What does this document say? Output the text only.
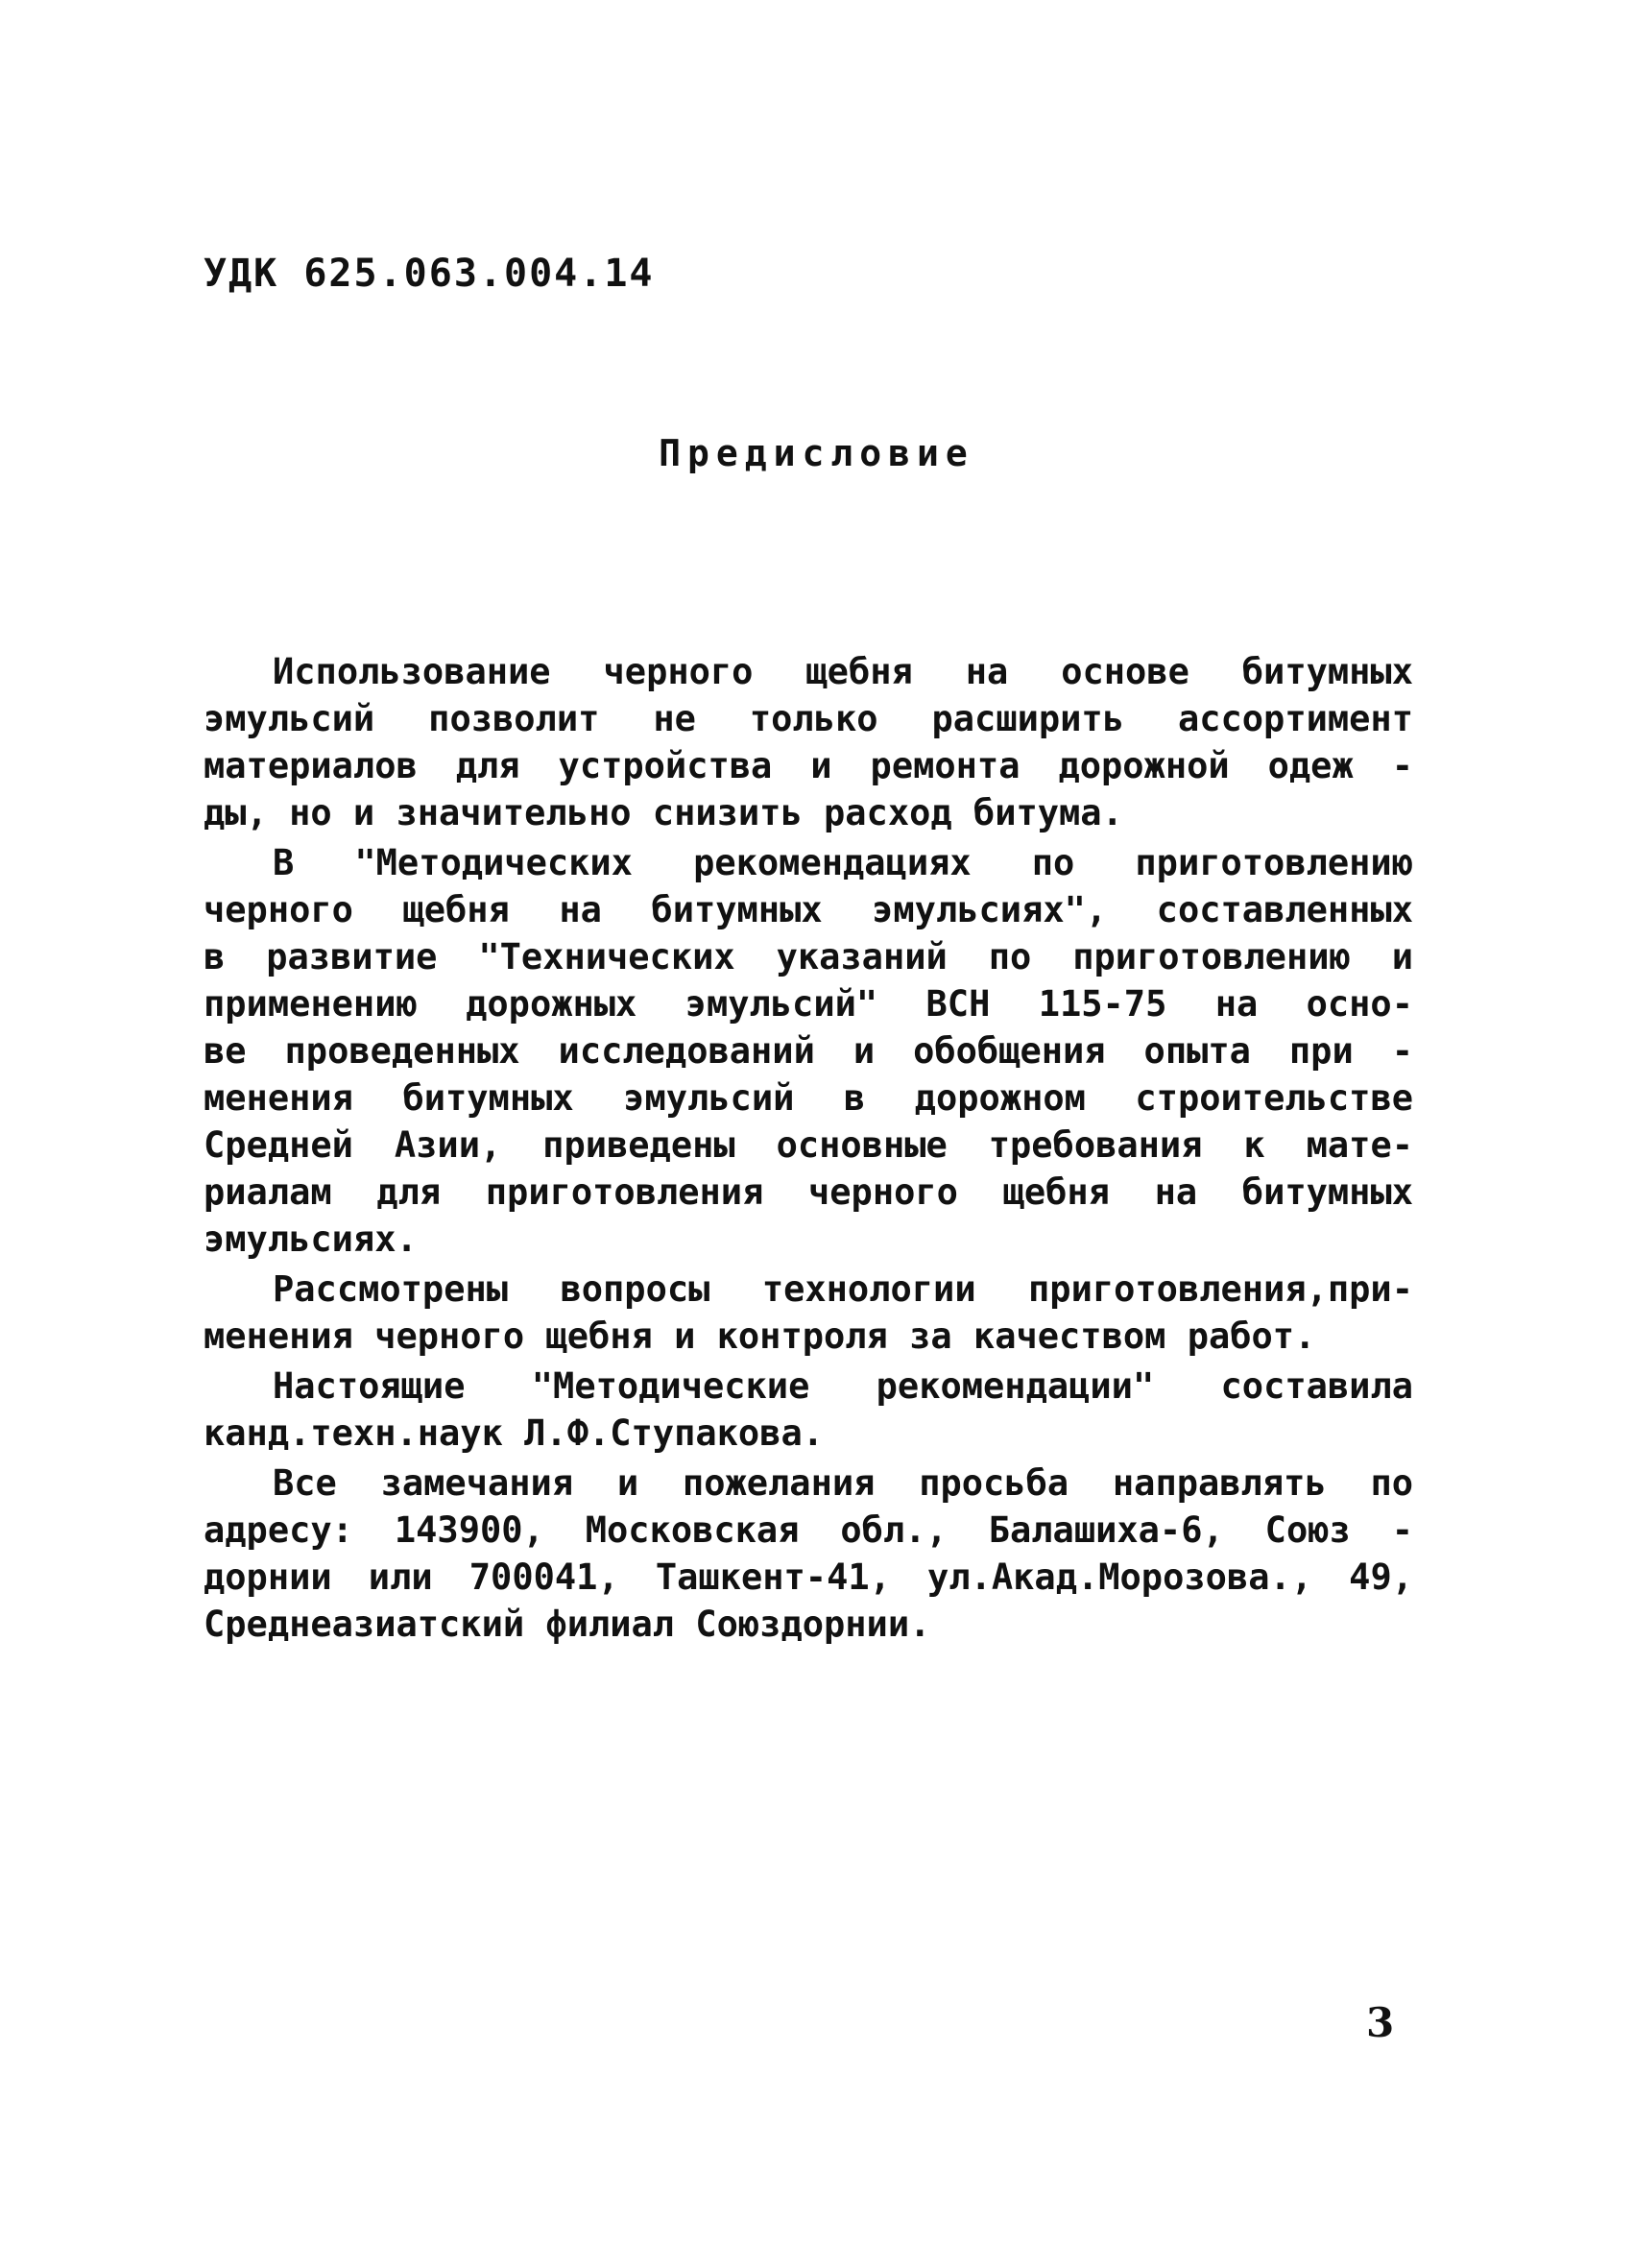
УДК 625.063.004.14
Предисловие

Использование черного щебня на основе битумных
эмульсий позволит не только расширить ассортимент
материалов для устройства и ремонта дорожной одеж -
ды, но и значительно снизить расход битума.

В "Методических рекомендациях по приготовлению
черного щебня на битумных эмульсиях", составленных
в развитие "Технических указаний по приготовлению и
применению дорожных эмульсий" ВСН 115-75 на осно-
ве проведенных исследований и обобщения опыта при -
менения битумных эмульсий в дорожном строительстве
Средней Азии, приведены основные требования к мате-
риалам для приготовления черного щебня на битумных
эмульсиях.

Рассмотрены вопросы технологии приготовления,при-
менения черного щебня и контроля за качеством работ.

Настоящие "Методические рекомендации" составила
канд.техн.наук Л.Ф.Ступакова.

Все замечания и пожелания просьба направлять по
адресу: 143900, Московская обл., Балашиха-6, Союз -
дорнии или 700041, Ташкент-41, ул.Акад.Морозова., 49,
Среднеазиатский филиал Союздорнии.

3
